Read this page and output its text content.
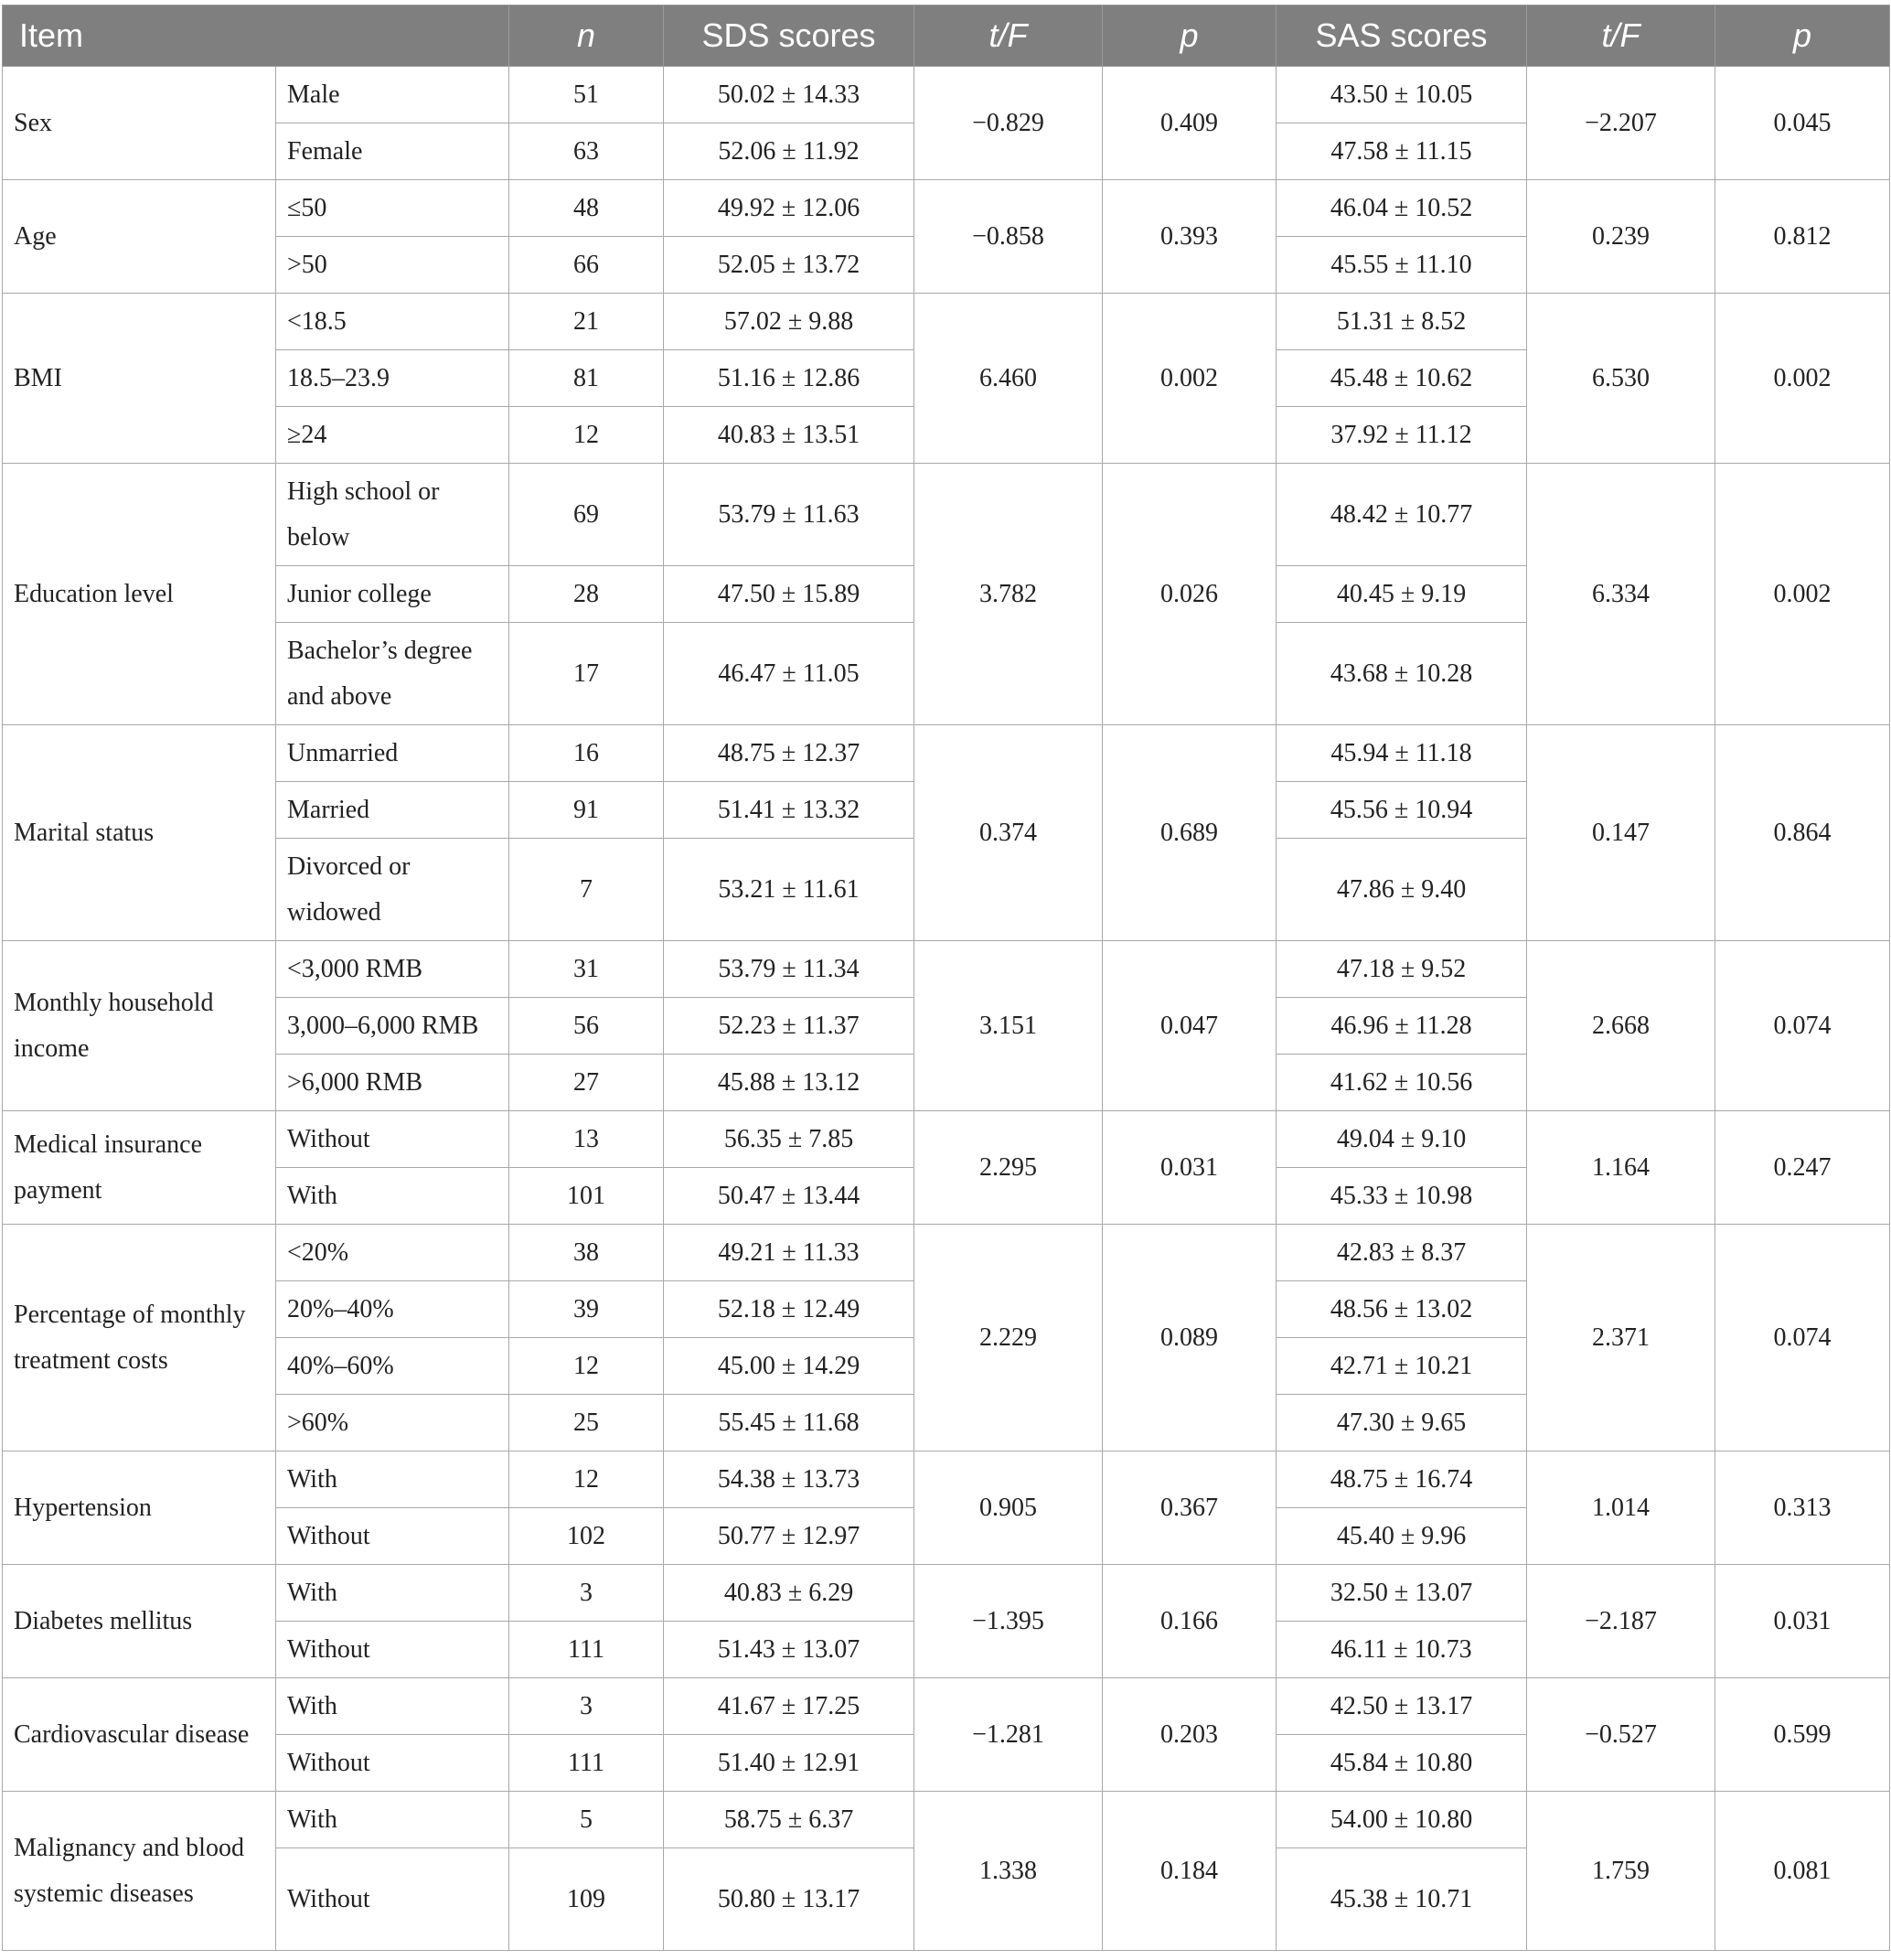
Item		n	SDS scores	t/F	p	SAS scores	t/F	p
Sex	Male	51	50.02 ± 14.33	−0.829	0.409	43.50 ± 10.05	−2.207	0.045
	Female	63	52.06 ± 11.92			47.58 ± 11.15		
Age	≤50	48	49.92 ± 12.06	−0.858	0.393	46.04 ± 10.52	0.239	0.812
	>50	66	52.05 ± 13.72			45.55 ± 11.10		
BMI	<18.5	21	57.02 ± 9.88	6.460	0.002	51.31 ± 8.52	6.530	0.002
	18.5–23.9	81	51.16 ± 12.86			45.48 ± 10.62		
	≥24	12	40.83 ± 13.51			37.92 ± 11.12		
Education level	High school or below	69	53.79 ± 11.63	3.782	0.026	48.42 ± 10.77	6.334	0.002
	Junior college	28	47.50 ± 15.89			40.45 ± 9.19		
	Bachelor’s degree and above	17	46.47 ± 11.05			43.68 ± 10.28		
Marital status	Unmarried	16	48.75 ± 12.37	0.374	0.689	45.94 ± 11.18	0.147	0.864
	Married	91	51.41 ± 13.32			45.56 ± 10.94		
	Divorced or widowed	7	53.21 ± 11.61			47.86 ± 9.40		
Monthly household income	<3,000 RMB	31	53.79 ± 11.34	3.151	0.047	47.18 ± 9.52	2.668	0.074
	3,000–6,000 RMB	56	52.23 ± 11.37			46.96 ± 11.28		
	>6,000 RMB	27	45.88 ± 13.12			41.62 ± 10.56		
Medical insurance payment	Without	13	56.35 ± 7.85	2.295	0.031	49.04 ± 9.10	1.164	0.247
	With	101	50.47 ± 13.44			45.33 ± 10.98		
Percentage of monthly treatment costs	<20%	38	49.21 ± 11.33	2.229	0.089	42.83 ± 8.37	2.371	0.074
	20%–40%	39	52.18 ± 12.49			48.56 ± 13.02		
	40%–60%	12	45.00 ± 14.29			42.71 ± 10.21		
	>60%	25	55.45 ± 11.68			47.30 ± 9.65		
Hypertension	With	12	54.38 ± 13.73	0.905	0.367	48.75 ± 16.74	1.014	0.313
	Without	102	50.77 ± 12.97			45.40 ± 9.96		
Diabetes mellitus	With	3	40.83 ± 6.29	−1.395	0.166	32.50 ± 13.07	−2.187	0.031
	Without	111	51.43 ± 13.07			46.11 ± 10.73		
Cardiovascular disease	With	3	41.67 ± 17.25	−1.281	0.203	42.50 ± 13.17	−0.527	0.599
	Without	111	51.40 ± 12.91			45.84 ± 10.80		
Malignancy and blood systemic diseases	With	5	58.75 ± 6.37	1.338	0.184	54.00 ± 10.80	1.759	0.081
	Without	109	50.80 ± 13.17			45.38 ± 10.71		
